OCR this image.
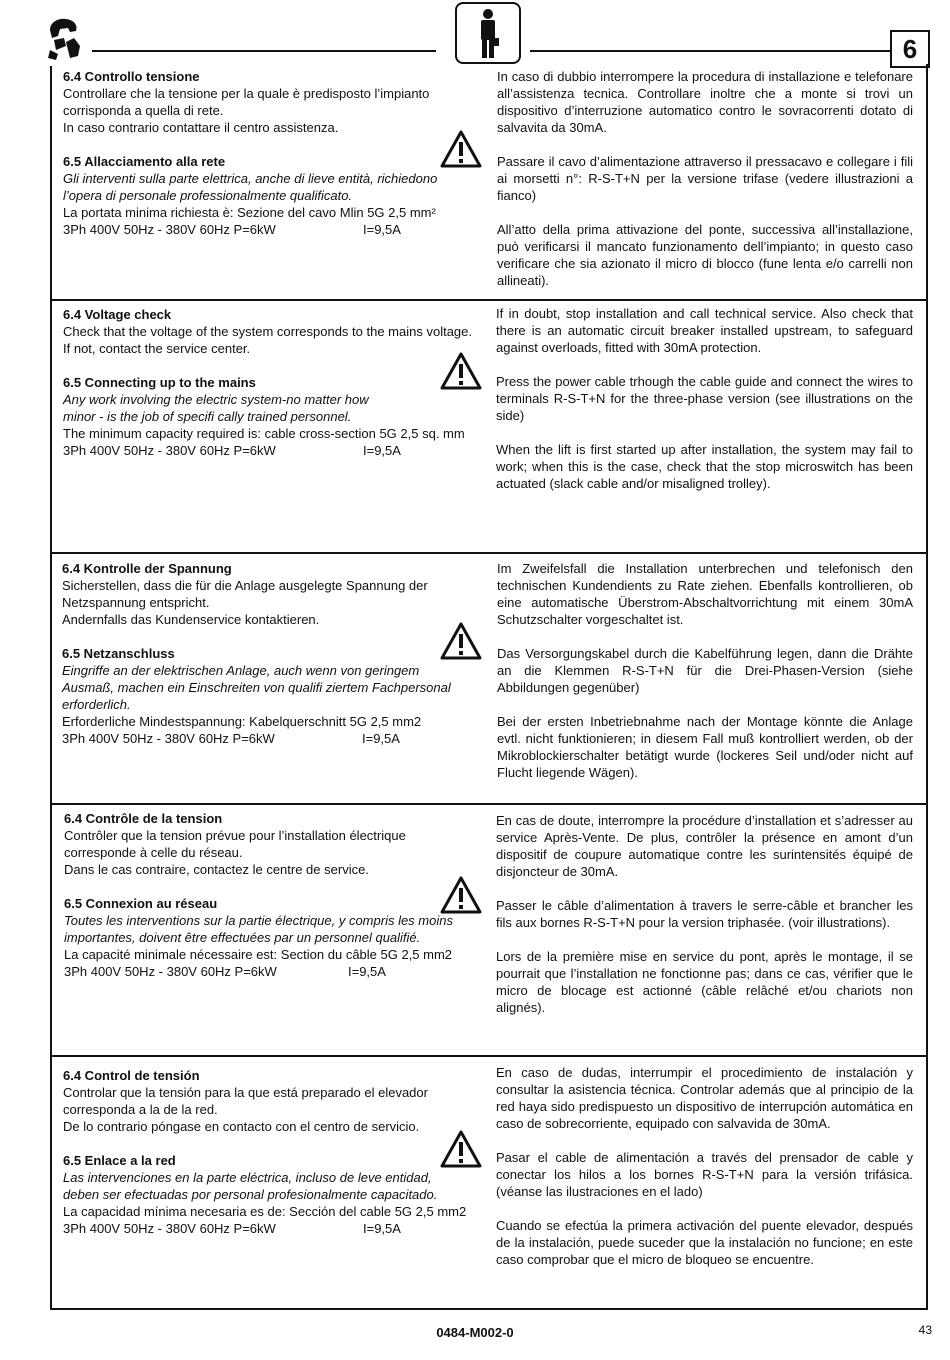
6

6.4 Controllo tensione

Controllare che la tensione per la quale è predisposto l’impianto

corrisponda a quella di rete.

In caso contrario contattare il centro assistenza.

6.5 Allacciamento alla rete

Gli interventi sulla parte elettrica, anche di lieve entità, richiedono

l’opera di personale professionalmente qualificato.

La portata minima richiesta è: Sezione del cavo Mlin 5G 2,5 mm²

3Ph 400V 50Hz - 380V 60Hz P=6kW	I=9,5A

In caso di dubbio interrompere la procedura di installazione e telefonare all’assistenza tecnica. Controllare inoltre che a monte si trovi un dispositivo d’interruzione automatico contro le sovracorrenti dotato di salvavita da 30mA.

Passare il cavo d’alimentazione attraverso il pressacavo e collegare i fili ai morsetti n°: R-S-T+N per la versione trifase (vedere illustrazioni a fianco)

All’atto della prima attivazione del ponte, successiva all’installazione, può verificarsi il mancato funzionamento dell’impianto; in questo caso verificare che sia azionato il micro di blocco (fune lenta e/o carrelli non allineati).

6.4 Voltage check

Check that the voltage of the system corresponds to the mains voltage.

If not, contact the service center.

6.5 Connecting up to the mains

Any work involving the electric system-no matter how

minor - is the job of specifi cally trained personnel.

The minimum capacity required is: cable cross-section 5G 2,5 sq. mm

3Ph 400V 50Hz - 380V 60Hz P=6kW	I=9,5A

If in doubt, stop installation and call technical service. Also check that there is an automatic circuit breaker installed upstream, to safeguard against overloads, fitted with 30mA protection.

Press the power cable trhough the cable guide and connect the wires to terminals R-S-T+N for the three-phase version (see illustrations on the side)

When the lift is first started up after installation, the system may fail to work; when this is the case, check that the stop microswitch has been actuated (slack cable and/or misaligned trolley).

6.4 Kontrolle der Spannung

Sicherstellen, dass die für die Anlage ausgelegte Spannung der

Netzspannung entspricht.

Andernfalls das Kundenservice kontaktieren.

6.5 Netzanschluss

Eingriffe an der elektrischen Anlage, auch wenn von geringem

Ausmaß, machen ein Einschreiten von qualifi ziertem Fachpersonal

erforderlich.

Erforderliche Mindestspannung: Kabelquerschnitt 5G 2,5 mm2

3Ph 400V 50Hz - 380V 60Hz P=6kW	I=9,5A

Im Zweifelsfall die Installation unterbrechen und telefonisch den technischen Kundendients zu Rate ziehen. Ebenfalls kontrollieren, ob eine automatische Überstrom-Abschaltvorrichtung mit einem 30mA Schutzschalter vorgeschaltet ist.

Das Versorgungskabel durch die Kabelführung legen, dann die Drähte an die Klemmen R-S-T+N für die Drei-Phasen-Version (siehe Abbildungen gegenüber)

Bei der ersten Inbetriebnahme nach der Montage könnte die Anlage evtl. nicht funktionieren; in diesem Fall muß kontrolliert werden, ob der Mikroblockierschalter betätigt wurde (lockeres Seil und/oder nicht auf Flucht liegende Wägen).

6.4 Contrôle de la tension

Contrôler que la tension prévue pour l’installation électrique

corresponde à celle du réseau.

Dans le cas contraire, contactez le centre de service.

6.5 Connexion au réseau

Toutes les interventions sur la partie électrique, y compris les moins

importantes, doivent être effectuées par un personnel qualifié.

La capacité minimale nécessaire est: Section du câble 5G 2,5 mm2

3Ph 400V 50Hz - 380V 60Hz P=6kW	I=9,5A

En cas de doute, interrompre la procédure d’installation et s’adresser au service Après-Vente. De plus, contrôler la présence en amont d’un dispositif de coupure automatique contre les surintensités équipé de disjoncteur de 30mA.

Passer le câble d’alimentation à travers le serre-câble et brancher les fils aux bornes R-S-T+N pour la version triphasée. (voir illustrations).

Lors de la première mise en service du pont, après le montage, il se pourrait que l’installation ne fonctionne pas; dans ce cas, vérifier que le micro de blocage est actionné (câble relâché et/ou chariots non alignés).

6.4 Control de tensión

Controlar que la tensión para la que está preparado el elevador

corresponda a la de la red.

De lo contrario póngase en contacto con el centro de servicio.

6.5 Enlace a la red

Las intervenciones en la parte eléctrica, incluso de leve entidad,

deben ser efectuadas por personal profesionalmente capacitado.

La capacidad mínima necesaria es de: Sección del cable 5G 2,5 mm2

3Ph 400V 50Hz - 380V 60Hz P=6kW	I=9,5A

En caso de dudas, interrumpir el procedimiento de instalación y consultar la asistencia técnica. Controlar además que al principio de la red haya sido predispuesto un dispositivo de interrupción automática en caso de sobrecorriente, equipado con salvavida de 30mA.

Pasar el cable de alimentación a través del prensador de cable y conectar los hilos a los bornes R-S-T+N para la versión trifásica. (véanse las ilustraciones en el lado)

Cuando se efectúa la primera activación del puente elevador, después de la instalación, puede suceder que la instalación no funcione; en este caso comprobar que el micro de bloqueo se encuentre.

0484-M002-0	43
